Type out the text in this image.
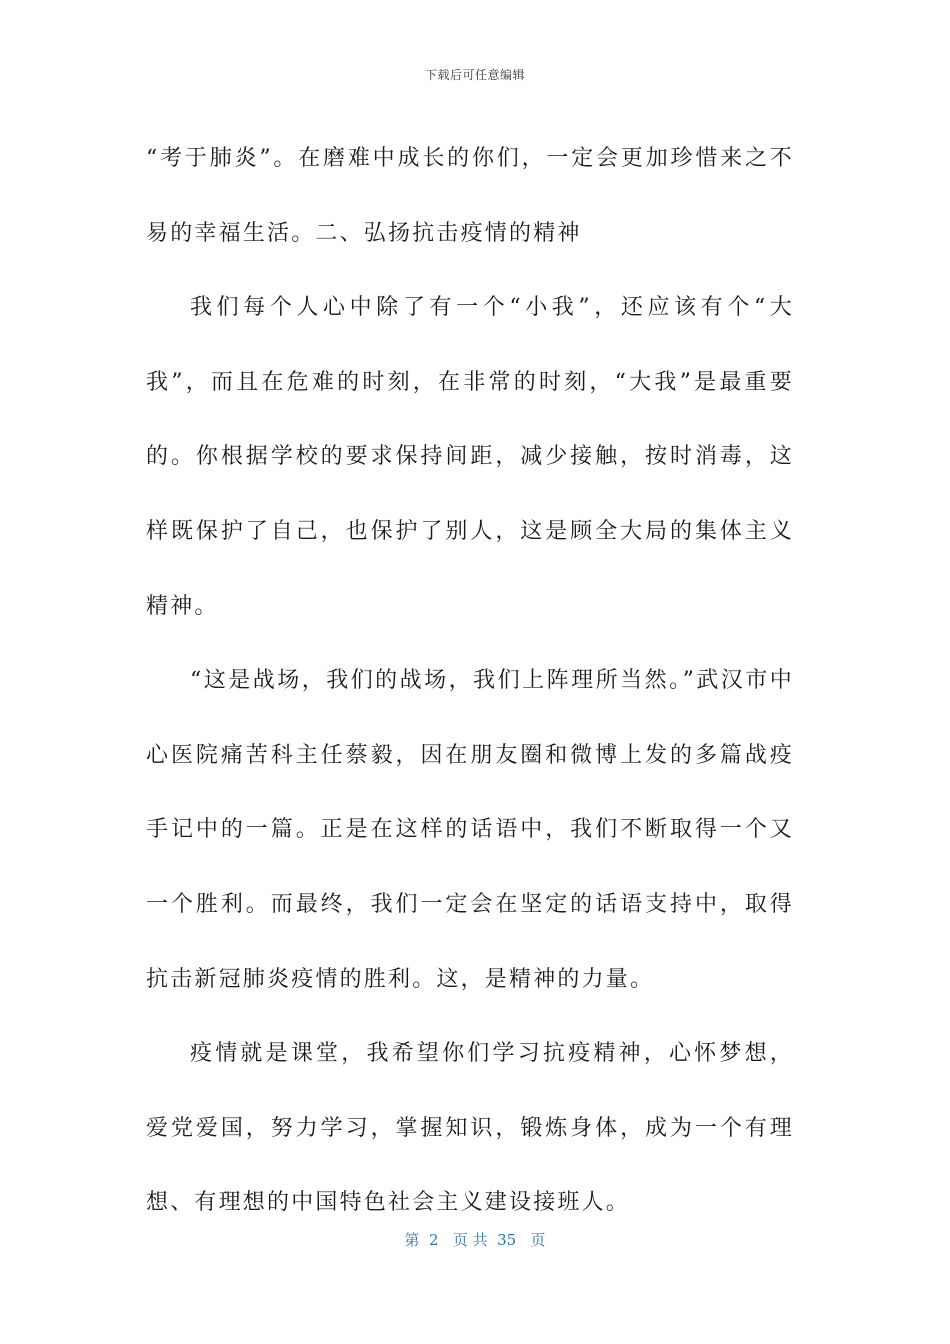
下载后可任意编辑

“考于肺炎”。在磨难中成长的你们，一定会更加珍惜来之不易的幸福生活。二、弘扬抗击疫情的精神

我们每个人心中除了有一个“小我”，还应该有个“大我”，而且在危难的时刻，在非常的时刻，“大我”是最重要的。你根据学校的要求保持间距，减少接触，按时消毒，这样既保护了自己，也保护了别人，这是顾全大局的集体主义精神。

“这是战场，我们的战场，我们上阵理所当然。”武汉市中心医院痛苦科主任蔡毅，因在朋友圈和微博上发的多篇战疫手记中的一篇。正是在这样的话语中，我们不断取得一个又一个胜利。而最终，我们一定会在坚定的话语支持中，取得抗击新冠肺炎疫情的胜利。这，是精神的力量。

疫情就是课堂，我希望你们学习抗疫精神，心怀梦想，爱党爱国，努力学习，掌握知识，锻炼身体，成为一个有理想、有理想的中国特色社会主义建设接班人。

第  2   页 共  35   页
